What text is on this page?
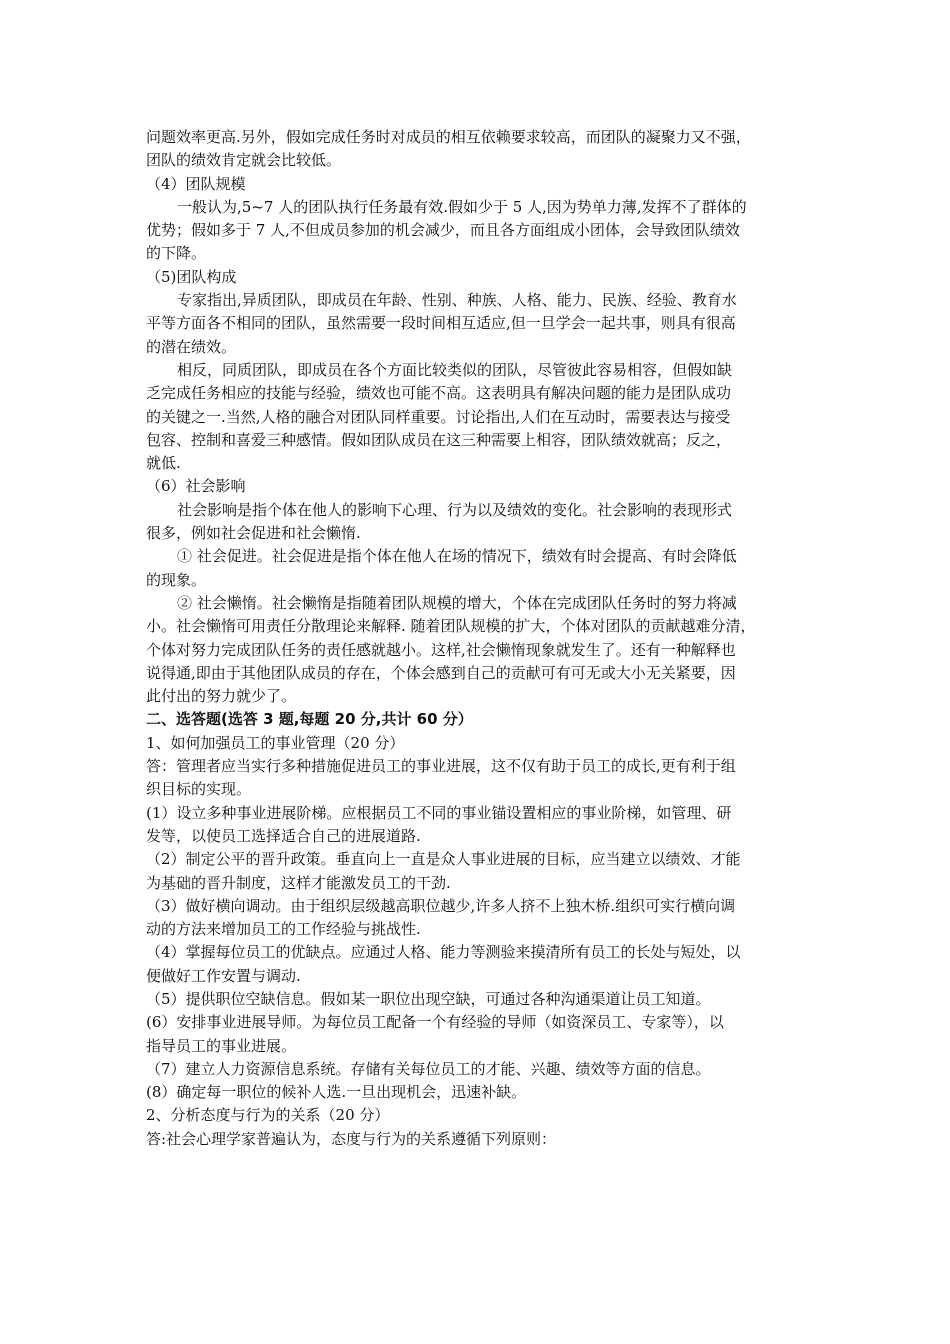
问题效率更高.另外，假如完成任务时对成员的相互依赖要求较高，而团队的凝聚力又不强，
团队的绩效肯定就会比较低。
（4）团队规模
一般认为,5~7 人的团队执行任务最有效.假如少于 5 人,因为势单力薄,发挥不了群体的
优势；假如多于 7 人,不但成员参加的机会减少，而且各方面组成小团体，会导致团队绩效
的下降。
（5)团队构成
专家指出,异质团队，即成员在年龄、性别、种族、人格、能力、民族、经验、教育水
平等方面各不相同的团队，虽然需要一段时间相互适应,但一旦学会一起共事，则具有很高
的潜在绩效。
相反，同质团队，即成员在各个方面比较类似的团队，尽管彼此容易相容，但假如缺
乏完成任务相应的技能与经验，绩效也可能不高。这表明具有解决问题的能力是团队成功
的关键之一.当然,人格的融合对团队同样重要。讨论指出,人们在互动时，需要表达与接受
包容、控制和喜爱三种感情。假如团队成员在这三种需要上相容，团队绩效就高；反之，
就低.
（6）社会影响
社会影响是指个体在他人的影响下心理、行为以及绩效的变化。社会影响的表现形式
很多，例如社会促进和社会懒惰.
① 社会促进。社会促进是指个体在他人在场的情况下，绩效有时会提高、有时会降低
的现象。
② 社会懒惰。社会懒惰是指随着团队规模的增大，个体在完成团队任务时的努力将减
小。社会懒惰可用责任分散理论来解释. 随着团队规模的扩大，个体对团队的贡献越难分清，
个体对努力完成团队任务的责任感就越小。这样,社会懒惰现象就发生了。还有一种解释也
说得通,即由于其他团队成员的存在，个体会感到自己的贡献可有可无或大小无关紧要，因
此付出的努力就少了。
二、选答题(选答 3 题,每题 20 分,共计 60 分）
1、如何加强员工的事业管理（20 分）
答：管理者应当实行多种措施促进员工的事业进展，这不仅有助于员工的成长,更有利于组
织目标的实现。
(1）设立多种事业进展阶梯。应根据员工不同的事业锚设置相应的事业阶梯，如管理、研
发等，以使员工选择适合自己的进展道路.
（2）制定公平的晋升政策。垂直向上一直是众人事业进展的目标，应当建立以绩效、才能
为基础的晋升制度，这样才能激发员工的干劲.
（3）做好横向调动。由于组织层级越高职位越少,许多人挤不上独木桥.组织可实行横向调
动的方法来增加员工的工作经验与挑战性.
（4）掌握每位员工的优缺点。应通过人格、能力等测验来摸清所有员工的长处与短处，以
便做好工作安置与调动.
（5）提供职位空缺信息。假如某一职位出现空缺，可通过各种沟通渠道让员工知道。
(6）安排事业进展导师。为每位员工配备一个有经验的导师（如资深员工、专家等），以
指导员工的事业进展。
（7）建立人力资源信息系统。存储有关每位员工的才能、兴趣、绩效等方面的信息。
(8）确定每一职位的候补人选.一旦出现机会，迅速补缺。
2、分析态度与行为的关系（20 分）
答:社会心理学家普遍认为，态度与行为的关系遵循下列原则：
